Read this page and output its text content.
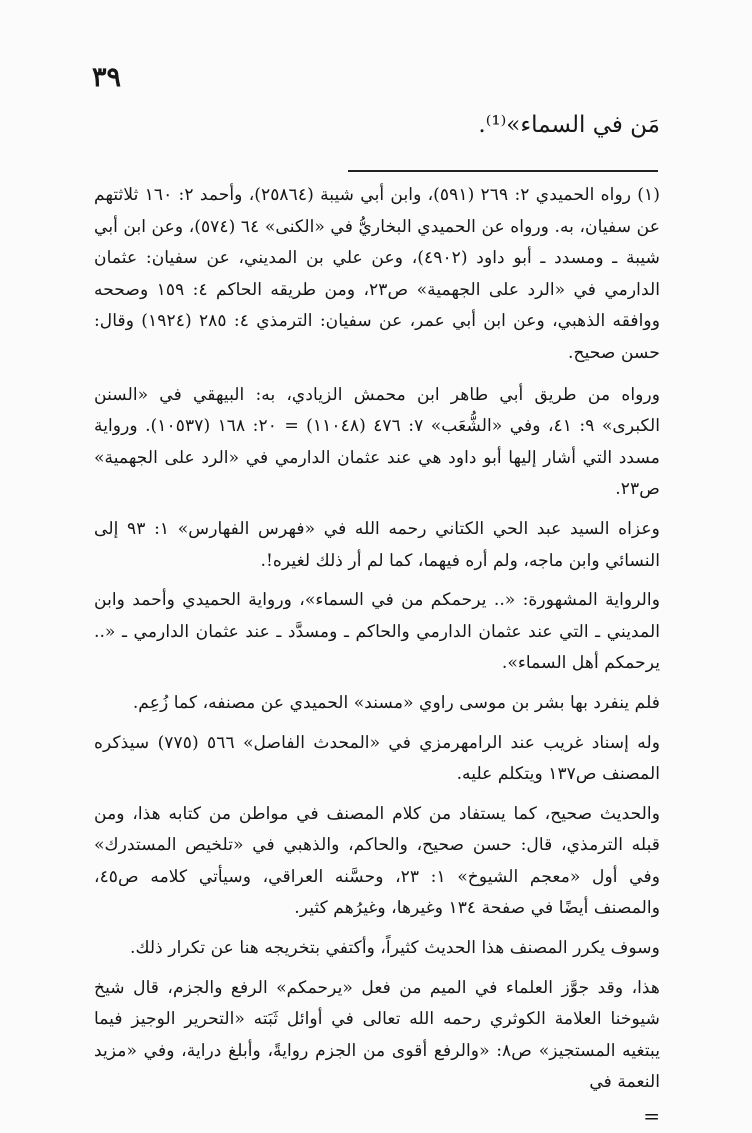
٣٩
مَن في السماء»⁽¹⁾.

(١) رواه الحميدي ٢: ٢٦٩ (٥٩١)، وابن أبي شيبة (٢٥٨٦٤)، وأحمد ٢: ١٦٠ ثلاثتهم عن سفيان، به. ورواه عن الحميدي البخاريُّ في «الكنى» ٦٤ (٥٧٤)، وعن ابن أبي شيبة ـ ومسدد ـ أبو داود (٤٩٠٢)، وعن علي بن المديني، عن سفيان: عثمان الدارمي في «الرد على الجهمية» ص٢٣، ومن طريقه الحاكم ٤: ١٥٩ وصححه ووافقه الذهبي، وعن ابن أبي عمر، عن سفيان: الترمذي ٤: ٢٨٥ (١٩٢٤) وقال: حسن صحيح.

ورواه من طريق أبي طاهر ابن محمش الزيادي، به: البيهقي في «السنن الكبرى» ٩: ٤١، وفي «الشُّعَب» ٧: ٤٧٦ (١١٠٤٨) = ٢٠: ١٦٨ (١٠٥٣٧). ورواية مسدد التي أشار إليها أبو داود هي عند عثمان الدارمي في «الرد على الجهمية» ص٢٣.

وعزاه السيد عبد الحي الكتاني رحمه الله في «فهرس الفهارس» ١: ٩٣ إلى النسائي وابن ماجه، ولم أره فيهما، كما لم أر ذلك لغيره!.

والرواية المشهورة: «.. يرحمكم من في السماء»، ورواية الحميدي وأحمد وابن المديني ـ التي عند عثمان الدارمي والحاكم ـ ومسدَّد ـ عند عثمان الدارمي ـ «.. يرحمكم أهل السماء».

فلم ينفرد بها بشر بن موسى راوي «مسند» الحميدي عن مصنفه، كما زُعِم.

وله إسناد غريب عند الرامهرمزي في «المحدث الفاصل» ٥٦٦ (٧٧٥) سيذكره المصنف ص١٣٧ ويتكلم عليه.

والحديث صحيح، كما يستفاد من كلام المصنف في مواطن من كتابه هذا، ومن قبله الترمذي، قال: حسن صحيح، والحاكم، والذهبي في «تلخيص المستدرك» وفي أول «معجم الشيوخ» ١: ٢٣، وحسَّنه العراقي، وسيأتي كلامه ص٤٥، والمصنف أيضًا في صفحة ١٣٤ وغيرها، وغيرُهم كثير.

وسوف يكرر المصنف هذا الحديث كثيراً، وأكتفي بتخريجه هنا عن تكرار ذلك.

هذا، وقد جوَّز العلماء في الميم من فعل «يرحمكم» الرفع والجزم، قال شيخ شيوخنا العلامة الكوثري رحمه الله تعالى في أوائل ثَبَته «التحرير الوجيز فيما يبتغيه المستجيز» ص٨: «والرفع أقوى من الجزم روايةً، وأبلغ دراية، وفي «مزيد النعمة في

=
